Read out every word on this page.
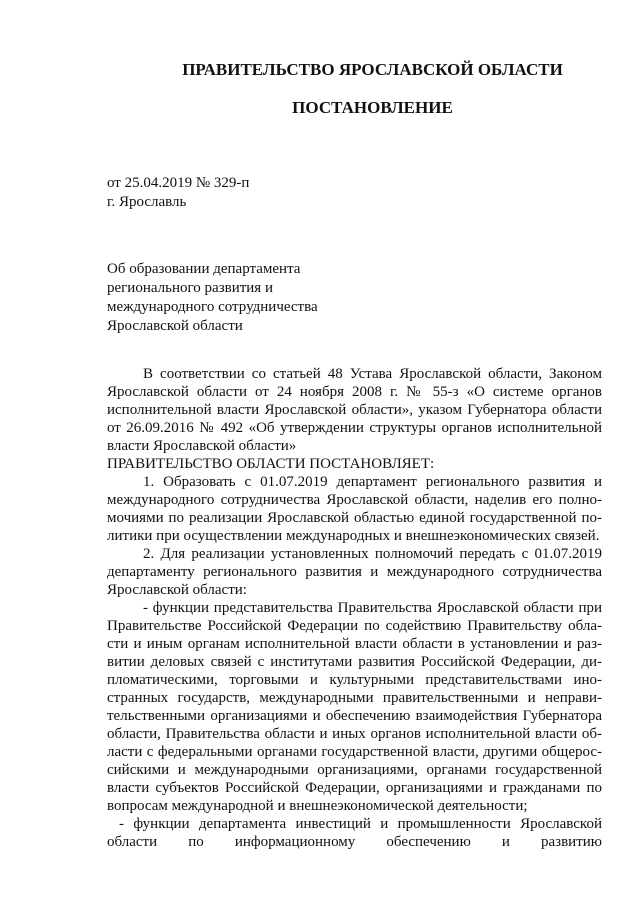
ПРАВИТЕЛЬСТВО ЯРОСЛАВСКОЙ ОБЛАСТИ
ПОСТАНОВЛЕНИЕ
от 25.04.2019 № 329-п
г. Ярославль
Об образовании департамента
регионального развития и
международного сотрудничества
Ярославской области

В соответствии со статьей 48 Устава Ярославской области, Законом

Ярославской области от 24 ноября 2008 г. № 55-з «О системе органов

исполнительной власти Ярославской области», указом Губернатора области

от 26.09.2016 № 492 «Об утверждении структуры органов исполнительной

власти Ярославской области»

ПРАВИТЕЛЬСТВО ОБЛАСТИ ПОСТАНОВЛЯЕТ:

1. Образовать с 01.07.2019 департамент регионального развития и

международного сотрудничества Ярославской области, наделив его полно-

мочиями по реализации Ярославской областью единой государственной по-

литики при осуществлении международных и внешнеэкономических связей.

2. Для реализации установленных полномочий передать с 01.07.2019

департаменту регионального развития и международного сотрудничества

Ярославской области:

- функции представительства Правительства Ярославской области при

Правительстве Российской Федерации по содействию Правительству обла-

сти и иным органам исполнительной власти области в установлении и раз-

витии деловых связей с институтами развития Российской Федерации, ди-

пломатическими, торговыми и культурными представительствами ино-

странных государств, международными правительственными и неправи-

тельственными организациями и обеспечению взаимодействия Губернатора

области, Правительства области и иных органов исполнительной власти об-

ласти с федеральными органами государственной власти, другими общерос-

сийскими и международными организациями, органами государственной

власти субъектов Российской Федерации, организациями и гражданами по

вопросам международной и внешнеэкономической деятельности;

- функции департамента инвестиций и промышленности Ярославской

области по информационному обеспечению и развитию
